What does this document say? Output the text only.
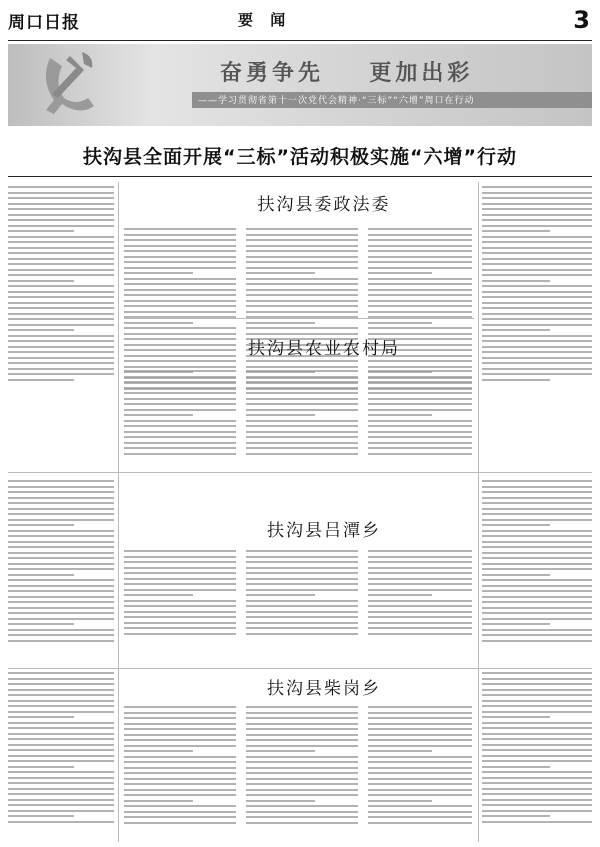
周口日报	要 闻	3
奋勇争先 更加出彩
——学习贯彻省第十一次党代会精神·“三标”“六增”周口在行动
扶沟县全面开展“三标”活动积极实施“六增”行动
扶沟县委政法委
扶沟县农业农村局
扶沟县吕潭乡
扶沟县柴岗乡
